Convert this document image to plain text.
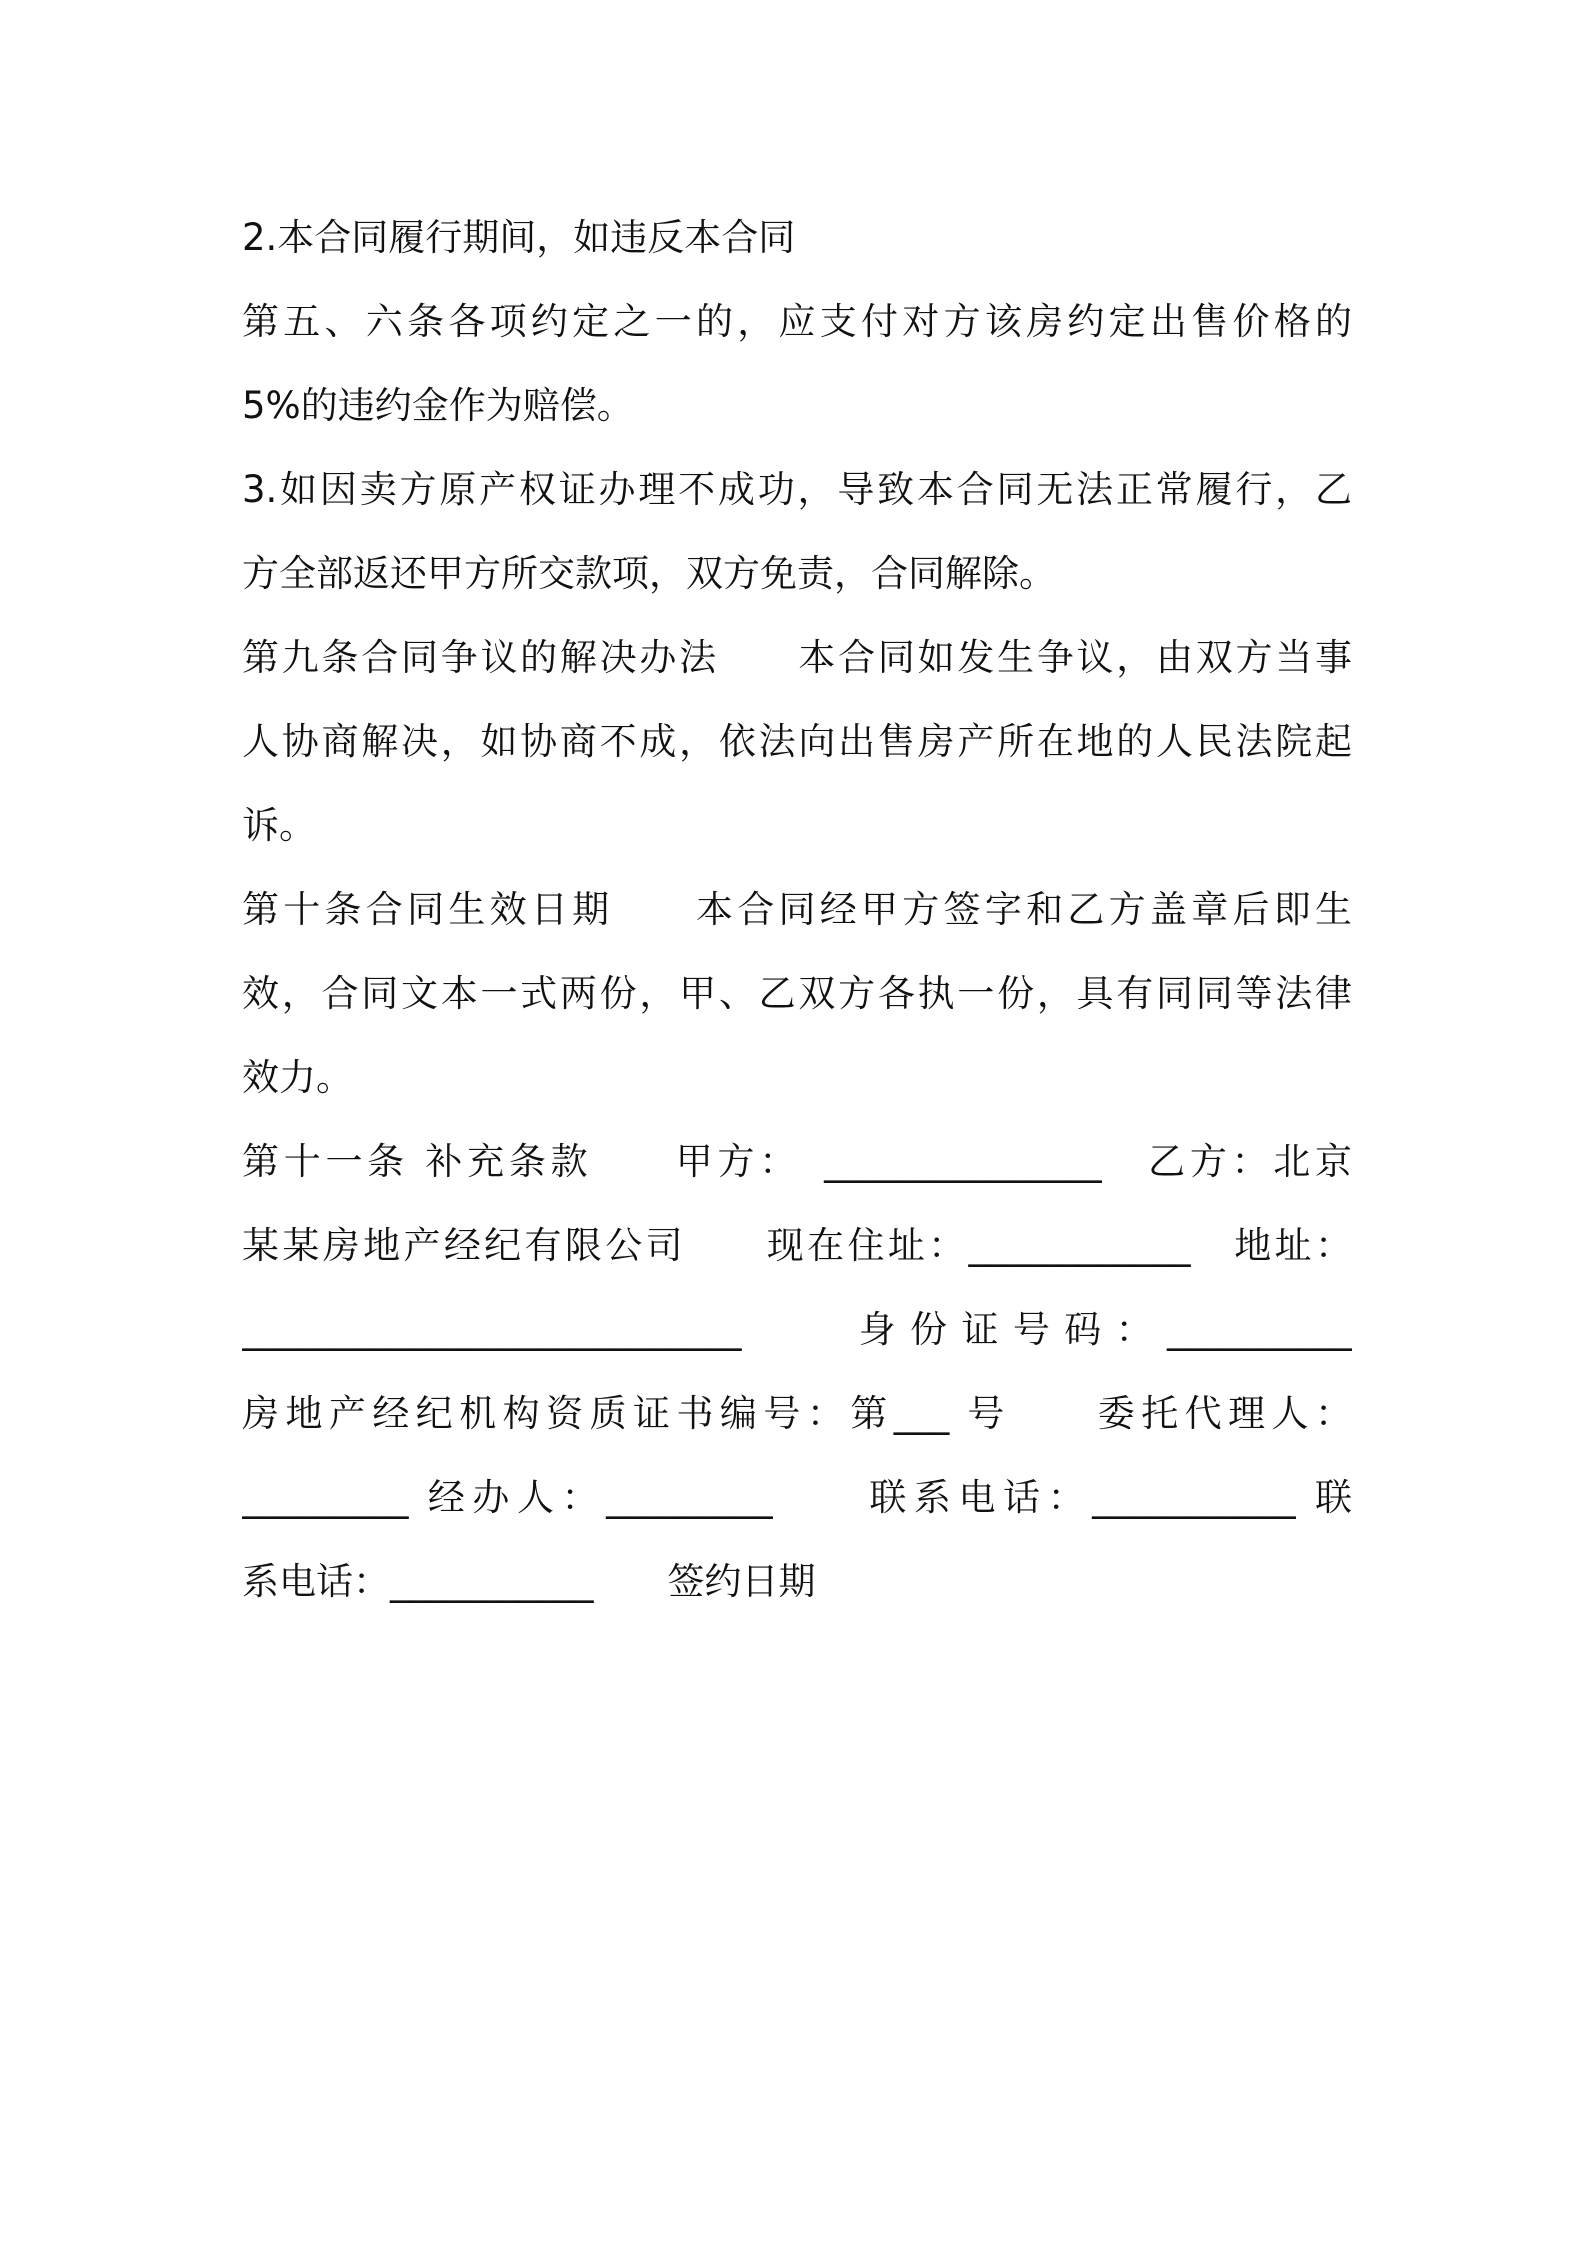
2.本合同履行期间，如违反本合同
第五、六条各项约定之一的，应支付对方该房约定出售价格的
5%的违约金作为赔偿。
3.如因卖方原产权证办理不成功，导致本合同无法正常履行，乙
方全部返还甲方所交款项，双方免责，合同解除。
第九条合同争议的解决办法　　本合同如发生争议，由双方当事
人协商解决，如协商不成，依法向出售房产所在地的人民法院起
诉。
第十条合同生效日期　　本合同经甲方签字和乙方盖章后即生
效，合同文本一式两份，甲、乙双方各执一份，具有同同等法律
效力。
第十一条 补充条款　　甲方：　_______________　乙方：北京
某某房地产经纪有限公司　　现在住址：____________　地址：
___________________________　　身份证号码：__________
房地产经纪机构资质证书编号：第___ 号　　委托代理人：
_________ 经办人：_________　　联系电话：___________ 联
系电话：___________　　签约日期
